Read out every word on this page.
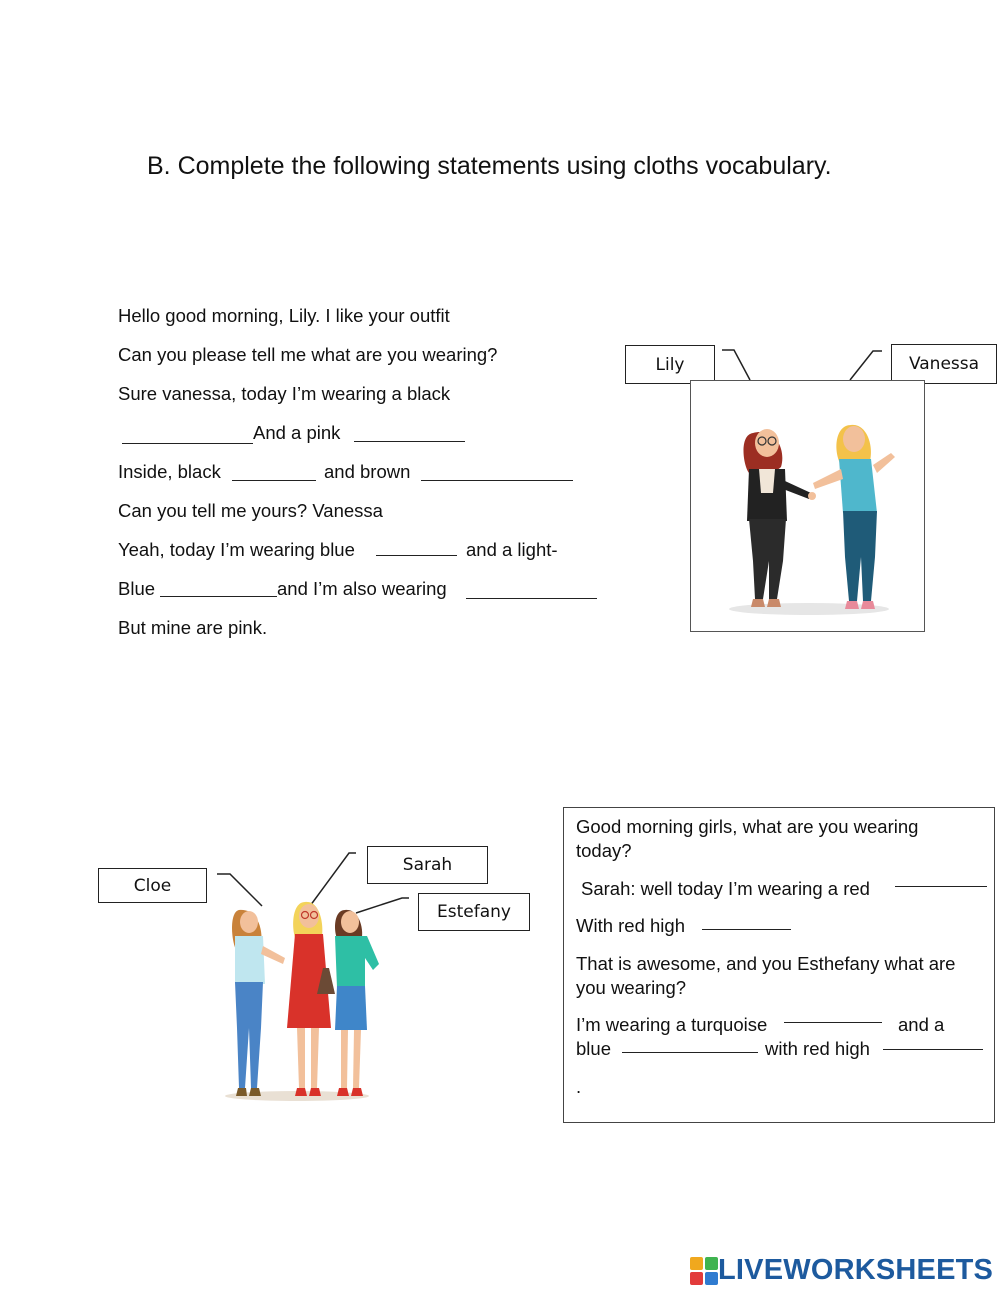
B. Complete the following statements using cloths vocabulary.
Hello good morning, Lily. I like your outfit
Can you please tell me what are you wearing?
Sure vanessa, today I’m wearing a black
And a pink
Inside, black	and brown
Can you tell me yours? Vanessa
Yeah, today I’m wearing blue	and a light-
Blue	and I’m also wearing
But mine are pink.
Lily	Vanessa
Cloe
Sarah
Estefany
Good morning girls, what are you wearing
today?
Sarah: well today I’m wearing a red
With red high
That is awesome, and you Esthefany what are
you wearing?
I’m wearing a turquoise	and a
blue	with red high
.
LIVEWORKSHEETS
